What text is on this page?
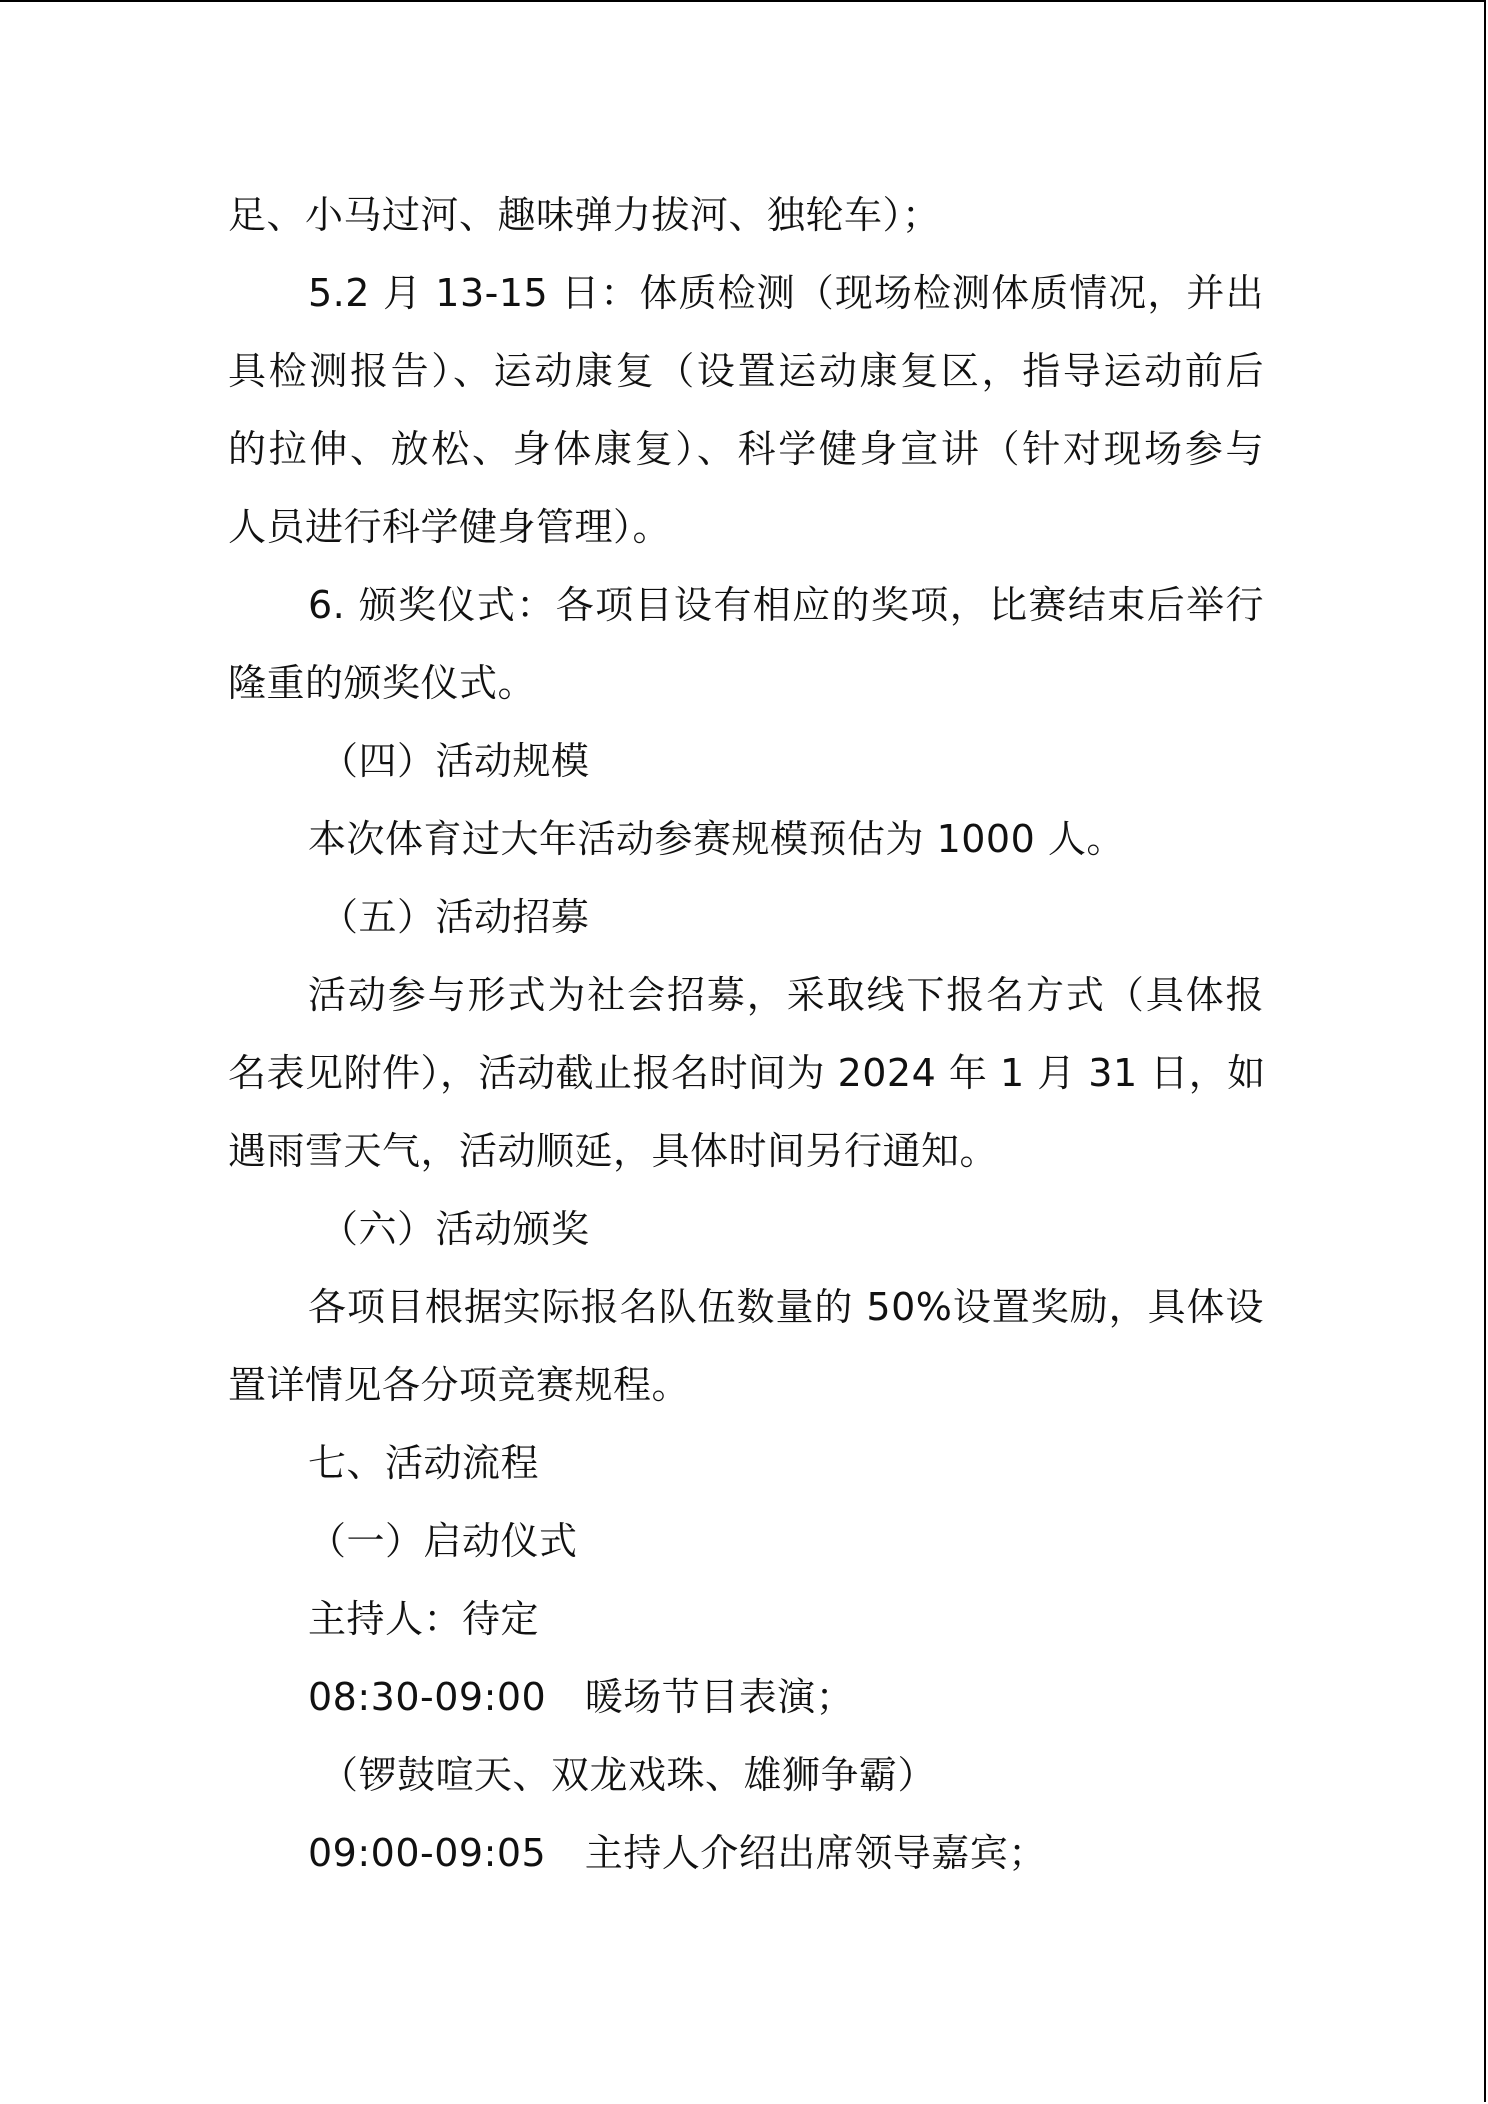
足、小马过河、趣味弹力拔河、独轮车）；
5.2 月 13-15 日：体质检测（现场检测体质情况，并出
具检测报告）、运动康复（设置运动康复区，指导运动前后
的拉伸、放松、身体康复）、科学健身宣讲（针对现场参与
人员进行科学健身管理）。
6. 颁奖仪式：各项目设有相应的奖项，比赛结束后举行
隆重的颁奖仪式。
（四）活动规模
本次体育过大年活动参赛规模预估为 1000 人。
（五）活动招募
活动参与形式为社会招募，采取线下报名方式（具体报
名表见附件），活动截止报名时间为 2024 年 1 月 31 日，如
遇雨雪天气，活动顺延，具体时间另行通知。
（六）活动颁奖
各项目根据实际报名队伍数量的 50%设置奖励，具体设
置详情见各分项竞赛规程。
七、活动流程
（一）启动仪式
主持人：待定
08:30-09:00　暖场节目表演；
（锣鼓喧天、双龙戏珠、雄狮争霸）
09:00-09:05　主持人介绍出席领导嘉宾；
